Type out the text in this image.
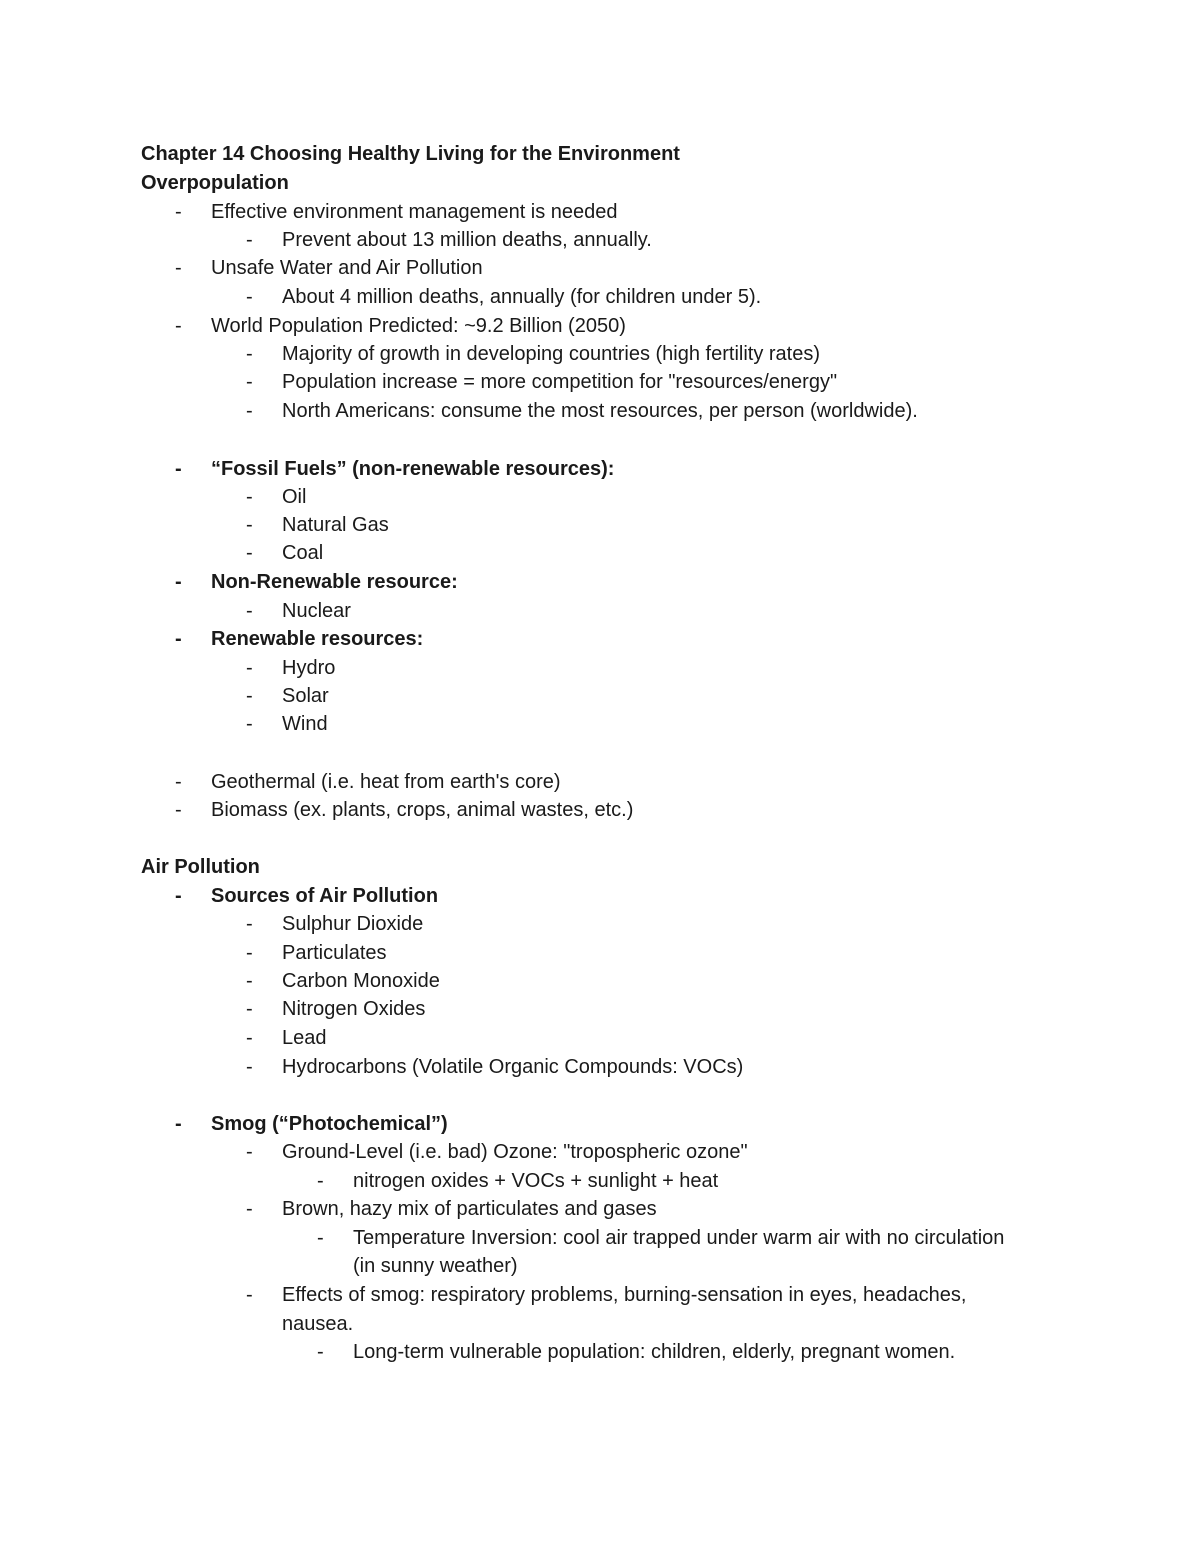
Chapter 14 Choosing Healthy Living for the Environment
Overpopulation
- Effective environment management is needed
- Prevent about 13 million deaths, annually.
- Unsafe Water and Air Pollution
- About 4 million deaths, annually (for children under 5).
- World Population Predicted: ~9.2 Billion (2050)
- Majority of growth in developing countries (high fertility rates)
- Population increase = more competition for "resources/energy"
- North Americans: consume the most resources, per person (worldwide).
- “Fossil Fuels” (non-renewable resources):
- Oil
- Natural Gas
- Coal
- Non-Renewable resource:
- Nuclear
- Renewable resources:
- Hydro
- Solar
- Wind
- Geothermal (i.e. heat from earth's core)
- Biomass (ex. plants, crops, animal wastes, etc.)
Air Pollution
- Sources of Air Pollution
- Sulphur Dioxide
- Particulates
- Carbon Monoxide
- Nitrogen Oxides
- Lead
- Hydrocarbons (Volatile Organic Compounds: VOCs)
- Smog (“Photochemical”)
- Ground-Level (i.e. bad) Ozone: "tropospheric ozone"
- nitrogen oxides + VOCs + sunlight + heat
- Brown, hazy mix of particulates and gases
- Temperature Inversion: cool air trapped under warm air with no circulation
(in sunny weather)
- Effects of smog: respiratory problems, burning-sensation in eyes, headaches,
nausea.
- Long-term vulnerable population: children, elderly, pregnant women.
